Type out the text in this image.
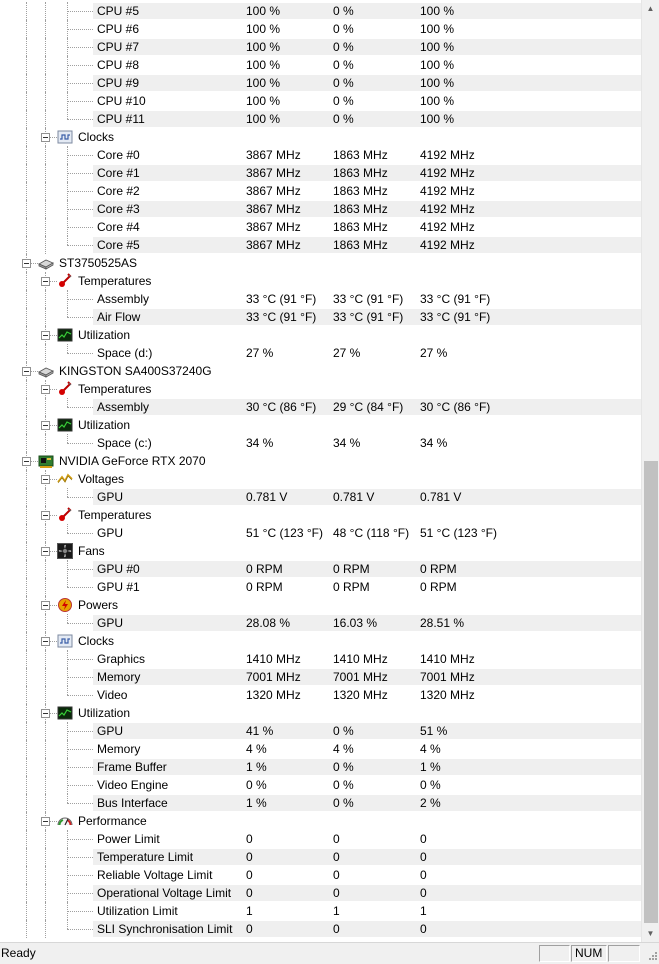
CPU #5	100 %	0 %	100 %
CPU #6	100 %	0 %	100 %
CPU #7	100 %	0 %	100 %
CPU #8	100 %	0 %	100 %
CPU #9	100 %	0 %	100 %
CPU #10	100 %	0 %	100 %
CPU #11	100 %	0 %	100 %
Clocks
Core #0	3867 MHz	1863 MHz	4192 MHz
Core #1	3867 MHz	1863 MHz	4192 MHz
Core #2	3867 MHz	1863 MHz	4192 MHz
Core #3	3867 MHz	1863 MHz	4192 MHz
Core #4	3867 MHz	1863 MHz	4192 MHz
Core #5	3867 MHz	1863 MHz	4192 MHz
ST3750525AS
Temperatures
Assembly	33 °C (91 °F) 33 °C (91 °F) 33 °C (91 °F)
Air Flow	33 °C (91 °F) 33 °C (91 °F) 33 °C (91 °F)
Utilization
Space (d:)	27 %	27 %	27 %
KINGSTON SA400S37240G
Temperatures
Assembly	30 °C (86 °F) 29 °C (84 °F) 30 °C (86 °F)
Utilization
Space (c:)	34 %	34 %	34 %
NVIDIA GeForce RTX 2070
Voltages
GPU	0.781 V	0.781 V	0.781 V
Temperatures
GPU	51 °C (123 °F) 48 °C (118 °F) 51 °C (123 °F)
Fans
GPU #0	0 RPM	0 RPM	0 RPM
GPU #1	0 RPM	0 RPM	0 RPM
Powers
GPU	28.08 %	16.03 %	28.51 %
Clocks
Graphics	1410 MHz	1410 MHz	1410 MHz
Memory	7001 MHz	7001 MHz	7001 MHz
Video	1320 MHz	1320 MHz	1320 MHz
Utilization
GPU	41 %	0 %	51 %
Memory	4 %	4 %	4 %
Frame Buffer	1 %	0 %	1 %
Video Engine	0 %	0 %	0 %
Bus Interface	1 %	0 %	2 %
Performance
Power Limit	0	0	0
Temperature Limit	0	0	0
Reliable Voltage Limit	0	0	0
Operational Voltage Limit 0	0	0
Utilization Limit	1	1	1
SLI Synchronisation Limit 0	0	0
▲
▼
Ready	NUM
